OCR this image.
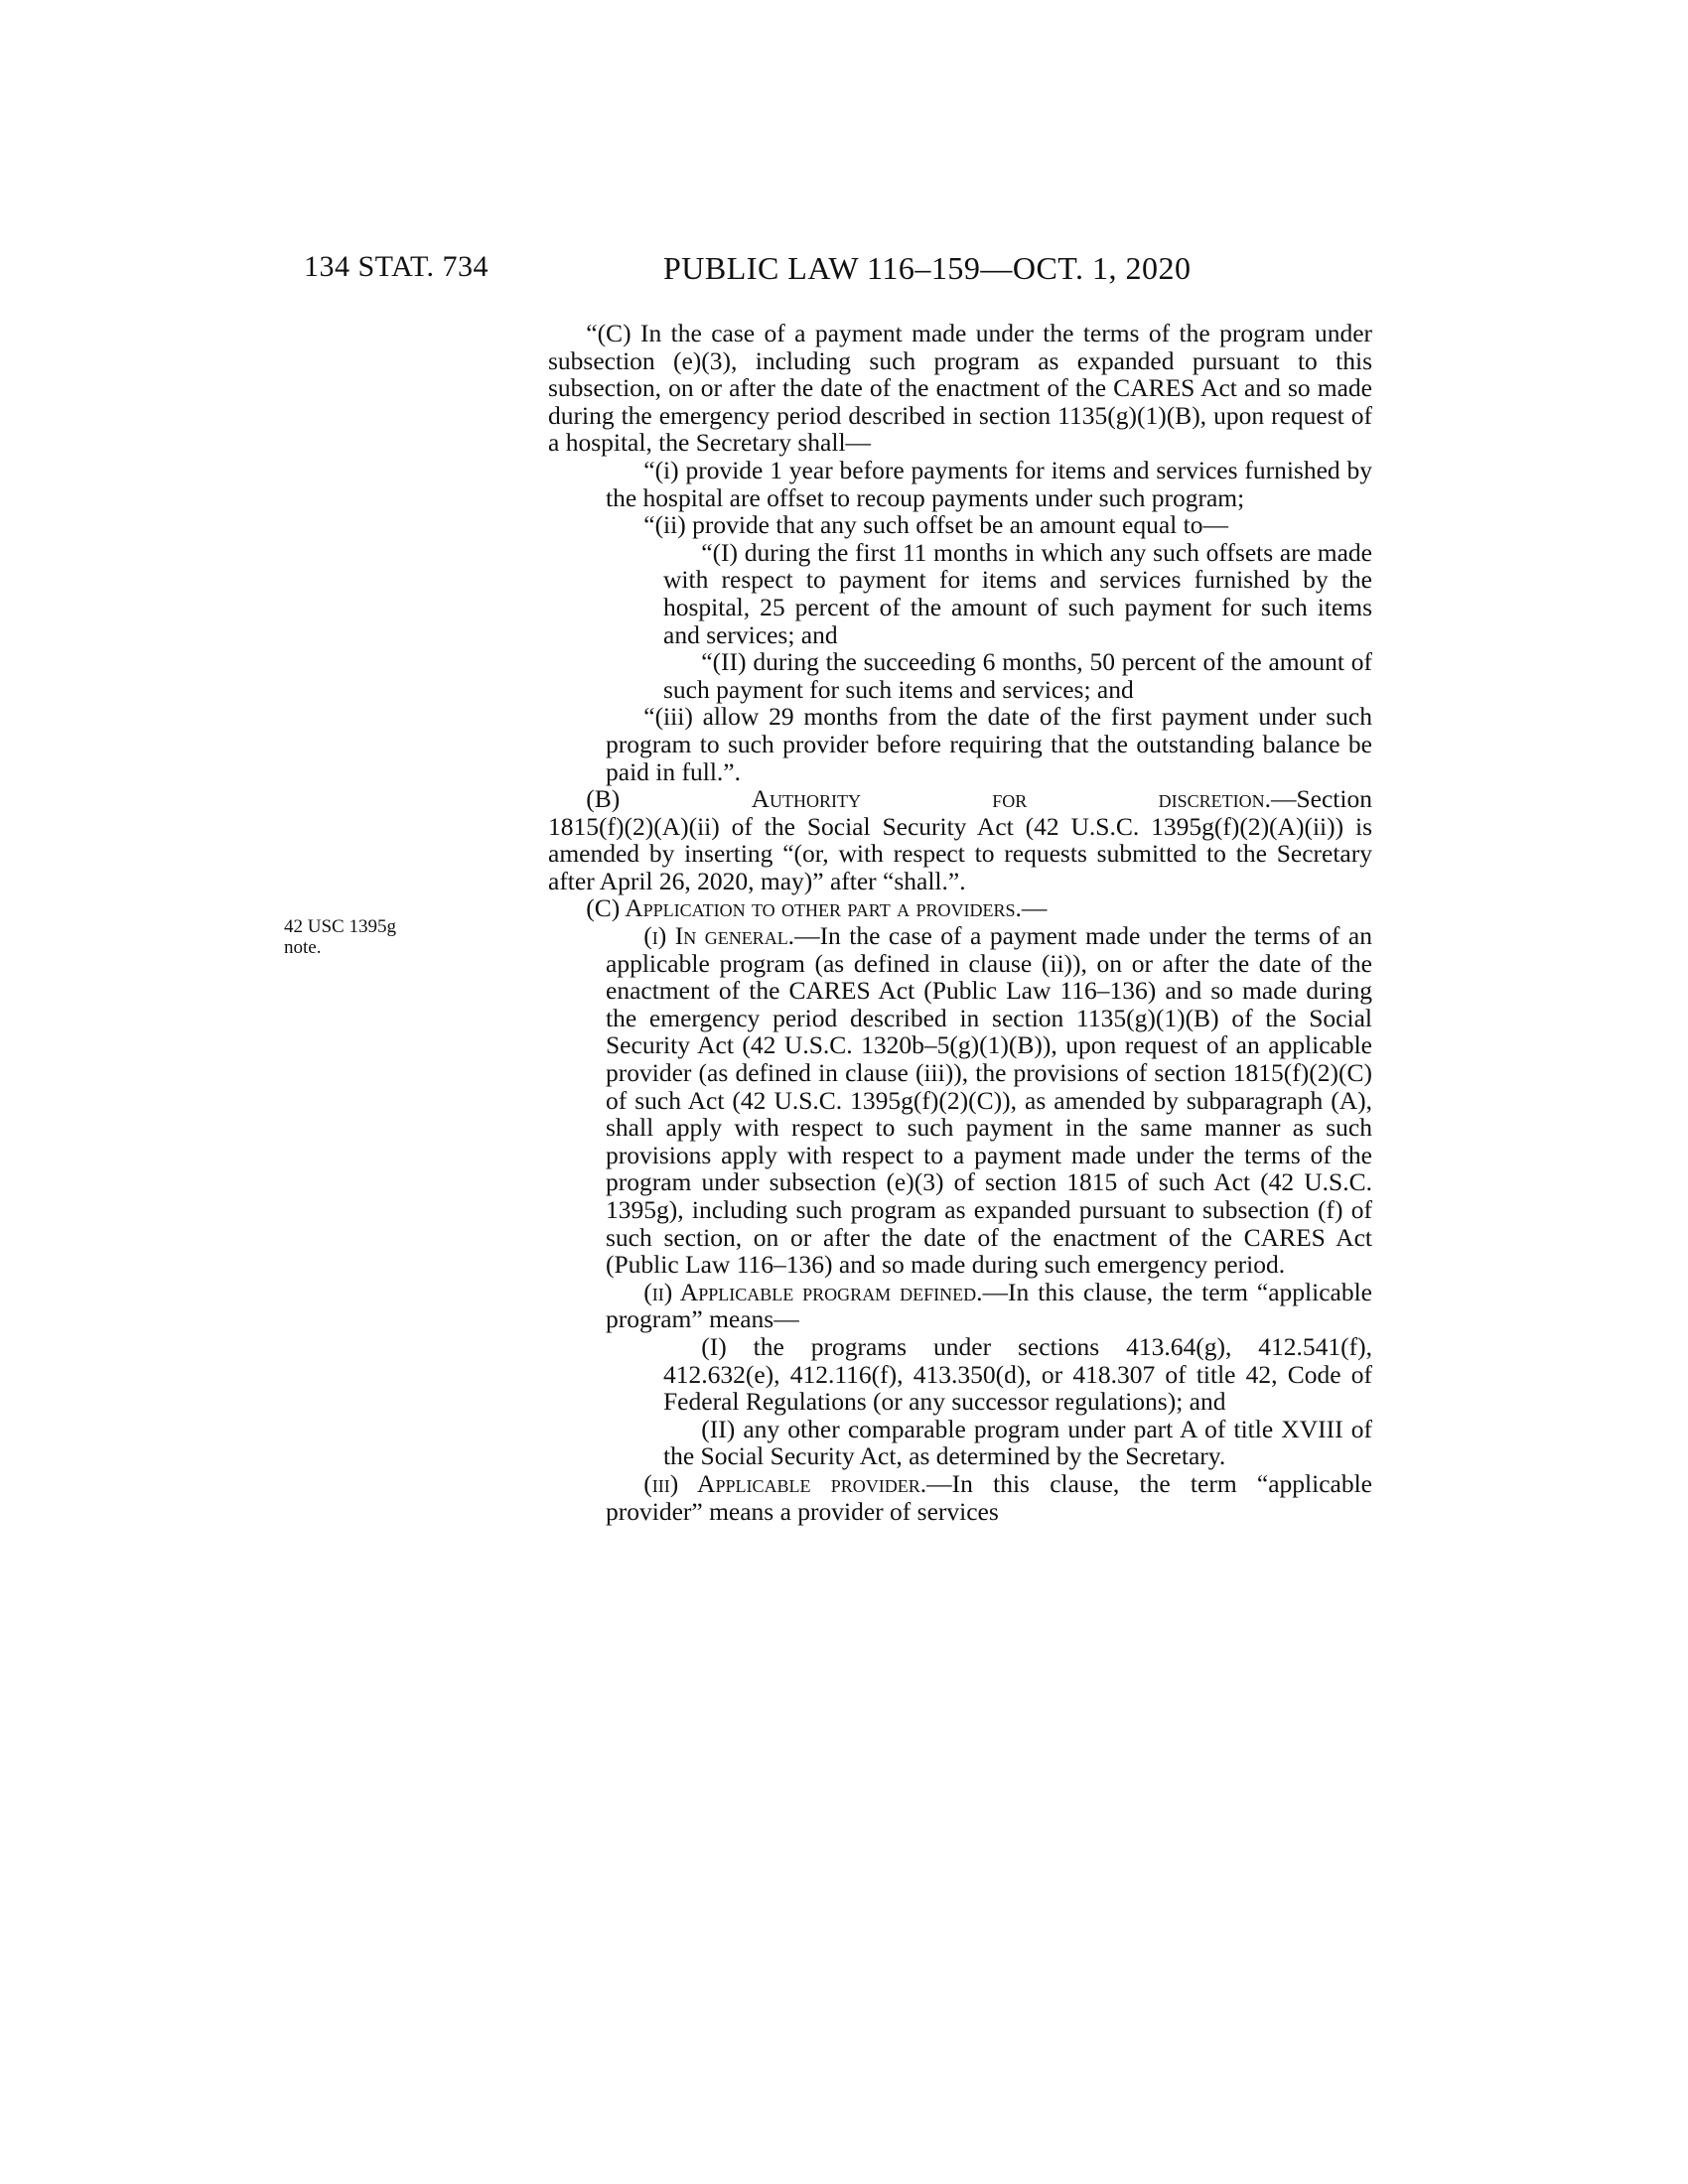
134 STAT. 734	PUBLIC LAW 116–159—OCT. 1, 2020
42 USC 1395g
note.

“(C) In the case of a payment made under the terms of the program under subsection (e)(3), including such program as expanded pursuant to this subsection, on or after the date of the enactment of the CARES Act and so made during the emergency period described in section 1135(g)(1)(B), upon request of a hospital, the Secretary shall—

“(i) provide 1 year before payments for items and services furnished by the hospital are offset to recoup payments under such program;

“(ii) provide that any such offset be an amount equal to—

“(I) during the first 11 months in which any such offsets are made with respect to payment for items and services furnished by the hospital, 25 percent of the amount of such payment for such items and services; and

“(II) during the succeeding 6 months, 50 percent of the amount of such payment for such items and services; and

“(iii) allow 29 months from the date of the first payment under such program to such provider before requiring that the outstanding balance be paid in full.”.

(B)	Authority	for	discretion.—Section

1815(f)(2)(A)(ii) of the Social Security Act (42 U.S.C. 1395g(f)(2)(A)(ii)) is amended by inserting “(or, with respect to requests submitted to the Secretary after April 26, 2020, may)” after “shall.”.

(C) Application to other part a providers.—

(i) In general.—In the case of a payment made under the terms of an applicable program (as defined in clause (ii)), on or after the date of the enactment of the CARES Act (Public Law 116–136) and so made during the emergency period described in section 1135(g)(1)(B) of the Social Security Act (42 U.S.C. 1320b–5(g)(1)(B)), upon request of an applicable provider (as defined in clause (iii)), the provisions of section 1815(f)(2)(C) of such Act (42 U.S.C. 1395g(f)(2)(C)), as amended by subparagraph (A), shall apply with respect to such payment in the same manner as such provisions apply with respect to a payment made under the terms of the program under subsection (e)(3) of section 1815 of such Act (42 U.S.C. 1395g), including such program as expanded pursuant to subsection (f) of such section, on or after the date of the enactment of the CARES Act (Public Law 116–136) and so made during such emergency period.

(ii) Applicable program defined.—In this clause, the term “applicable program” means—

(I) the programs under sections 413.64(g), 412.541(f), 412.632(e), 412.116(f), 413.350(d), or 418.307 of title 42, Code of Federal Regulations (or any successor regulations); and

(II) any other comparable program under part A of title XVIII of the Social Security Act, as determined by the Secretary.

(iii) Applicable provider.—In this clause, the term “applicable provider” means a provider of services
